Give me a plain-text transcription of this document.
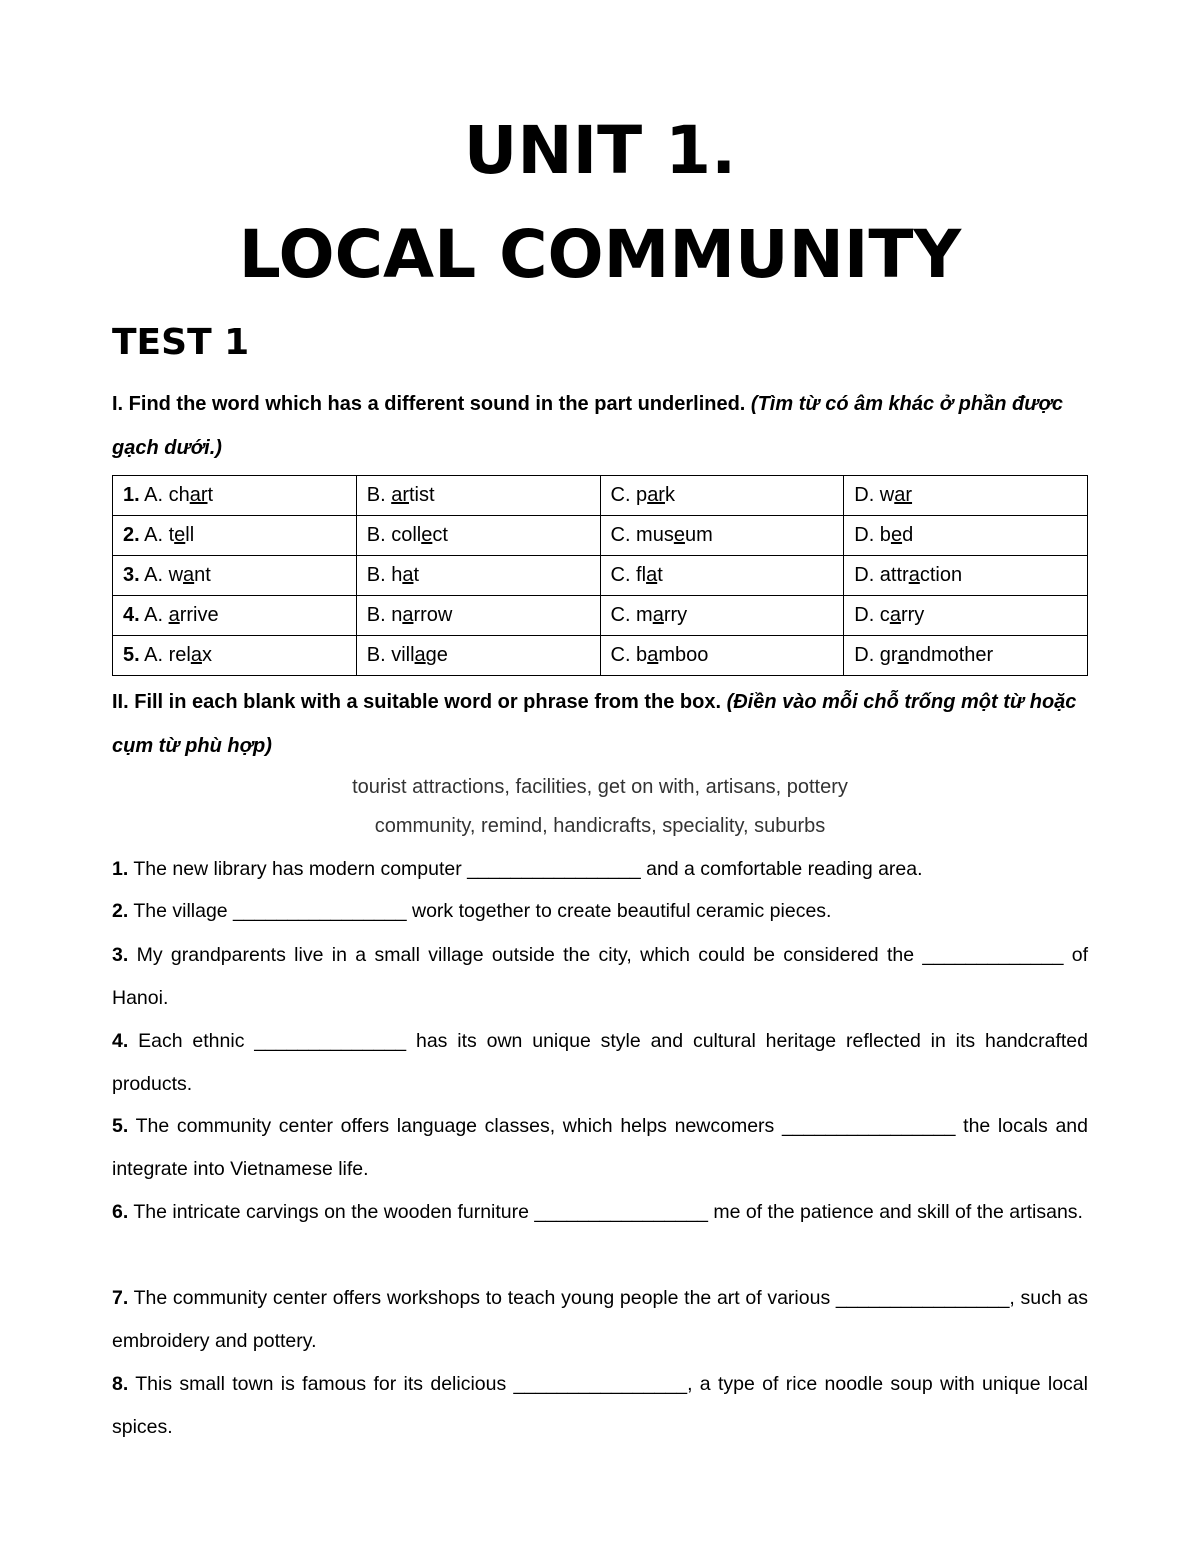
UNIT 1.
LOCAL COMMUNITY
TEST 1
I. Find the word which has a different sound in the part underlined. (Tìm từ có âm khác ở phần được gạch dưới.)
1. A. chart	B. artist	C. park	D. war
2. A. tell	B. collect	C. museum	D. bed
3. A. want	B. hat	C. flat	D. attraction
4. A. arrive	B. narrow	C. marry	D. carry
5. A. relax	B. village	C. bamboo	D. grandmother
II. Fill in each blank with a suitable word or phrase from the box. (Điền vào mỗi chỗ trống một từ hoặc cụm từ phù hợp)
tourist attractions, facilities, get on with, artisans, pottery
community, remind, handicrafts, speciality, suburbs
1. The new library has modern computer ________________ and a comfortable reading area.
2. The village ________________ work together to create beautiful ceramic pieces.
3. My grandparents live in a small village outside the city, which could be considered the _____________ of Hanoi.
4. Each ethnic ______________ has its own unique style and cultural heritage reflected in its handcrafted products.
5. The community center offers language classes, which helps newcomers ________________ the locals and integrate into Vietnamese life.
6. The intricate carvings on the wooden furniture ________________ me of the patience and skill of the artisans.
7. The community center offers workshops to teach young people the art of various ________________, such as embroidery and pottery.
8. This small town is famous for its delicious ________________, a type of rice noodle soup with unique local spices.
